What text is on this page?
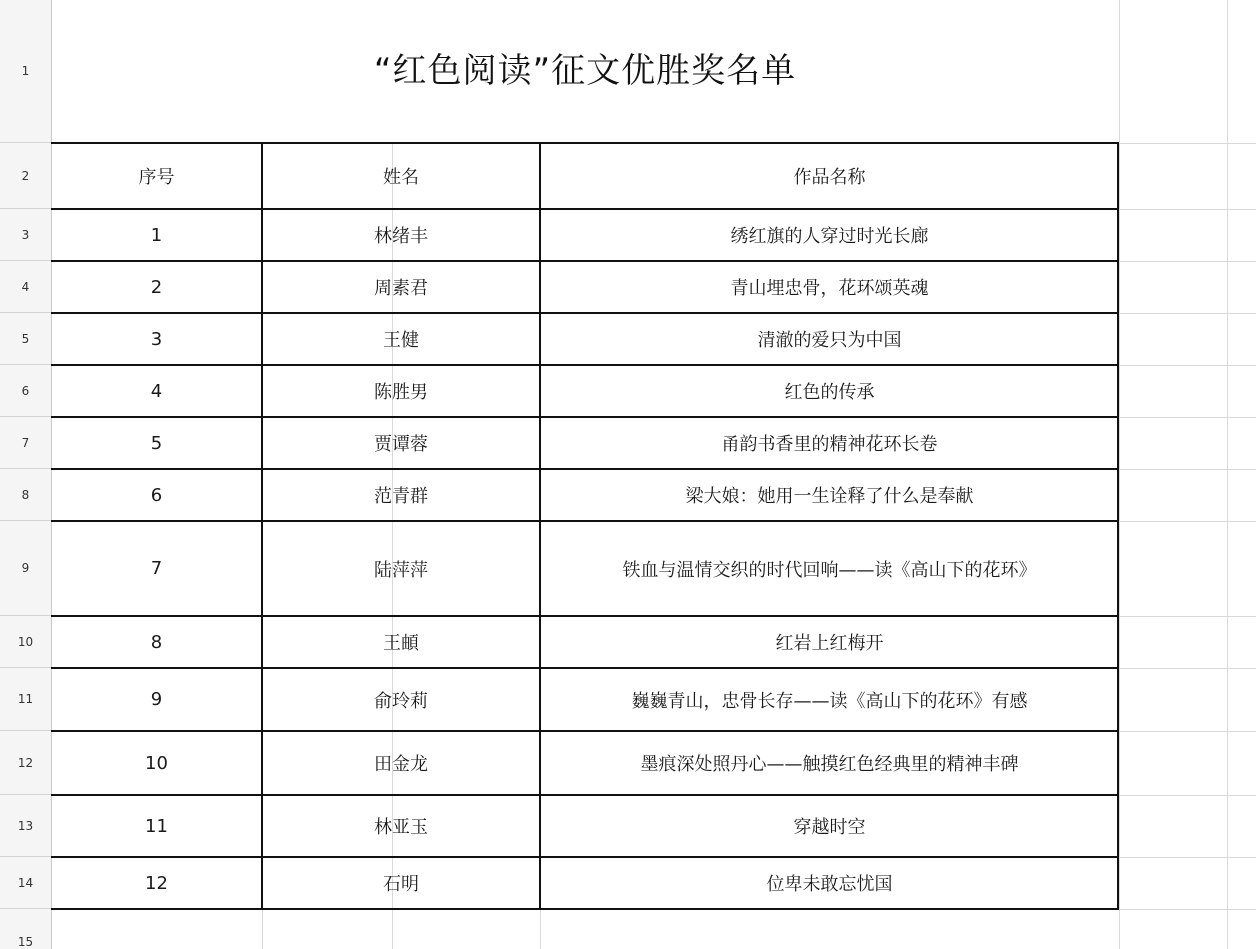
1
2
3
4
5
6
7
8
9
10
11
12
13
14
15
“红色阅读”征文优胜奖名单
序号	姓名	作品名称
1	林绪丰	绣红旗的人穿过时光长廊
2	周素君	青山埋忠骨，花环颂英魂
3	王健	清澈的爱只为中国
4	陈胜男	红色的传承
5	贾谭蓉	甬韵书香里的精神花环长卷
6	范青群	梁大娘：她用一生诠释了什么是奉献
7	陆萍萍	铁血与温情交织的时代回响——读《高山下的花环》
8	王頔	红岩上红梅开
9	俞玲莉	巍巍青山，忠骨长存——读《高山下的花环》有感
10	田金龙	墨痕深处照丹心——触摸红色经典里的精神丰碑
11	林亚玉	穿越时空
12	石明	位卑未敢忘忧国
